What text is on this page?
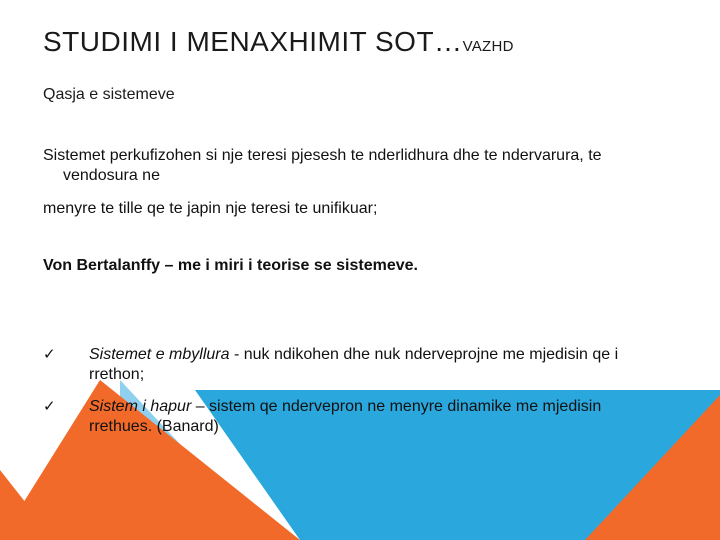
STUDIMI I MENAXHIMIT SOT…VAZHD
Qasja e sistemeve
Sistemet perkufizohen si nje teresi pjesesh te nderlidhura dhe te ndervarura, te
vendosura ne
menyre te tille qe te japin nje teresi te unifikuar;
Von Bertalanffy – me i miri i teorise se sistemeve.
✓	Sistemet e mbyllura - nuk ndikohen dhe nuk nderveprojne me mjedisin qe i
rrethon;
✓	Sistem i hapur – sistem qe ndervepron ne menyre dinamike me mjedisin
rrethues. (Banard)
